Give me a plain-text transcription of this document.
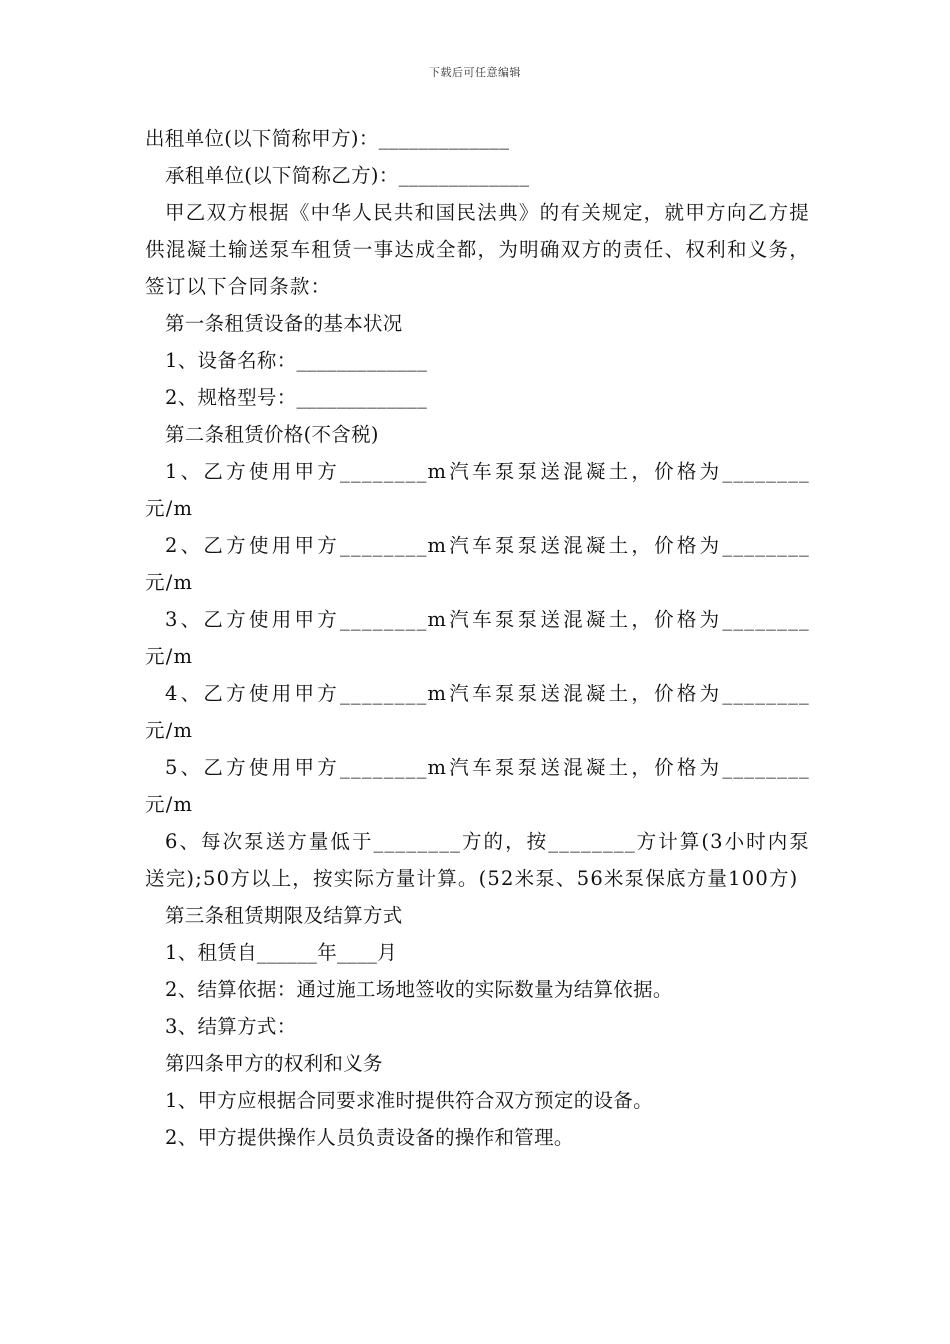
下载后可任意编辑

出租单位(以下简称甲方)：_____________

承租单位(以下简称乙方)：_____________

甲乙双方根据《中华人民共和国民法典》的有关规定，就甲方向乙方提供混凝土输送泵车租赁一事达成全都，为明确双方的责任、权利和义务，签订以下合同条款：

第一条租赁设备的基本状况

1、设备名称：_____________

2、规格型号：_____________

第二条租赁价格(不含税)

1、乙方使用甲方________m汽车泵泵送混凝土，价格为________元/m

2、乙方使用甲方________m汽车泵泵送混凝土，价格为________元/m

3、乙方使用甲方________m汽车泵泵送混凝土，价格为________元/m

4、乙方使用甲方________m汽车泵泵送混凝土，价格为________元/m

5、乙方使用甲方________m汽车泵泵送混凝土，价格为________元/m

6、每次泵送方量低于________方的，按________方计算(3小时内泵送完);50方以上，按实际方量计算。(52米泵、56米泵保底方量100方)

第三条租赁期限及结算方式

1、租赁自______年____月

2、结算依据：通过施工场地签收的实际数量为结算依据。

3、结算方式：

第四条甲方的权利和义务

1、甲方应根据合同要求准时提供符合双方预定的设备。

2、甲方提供操作人员负责设备的操作和管理。
